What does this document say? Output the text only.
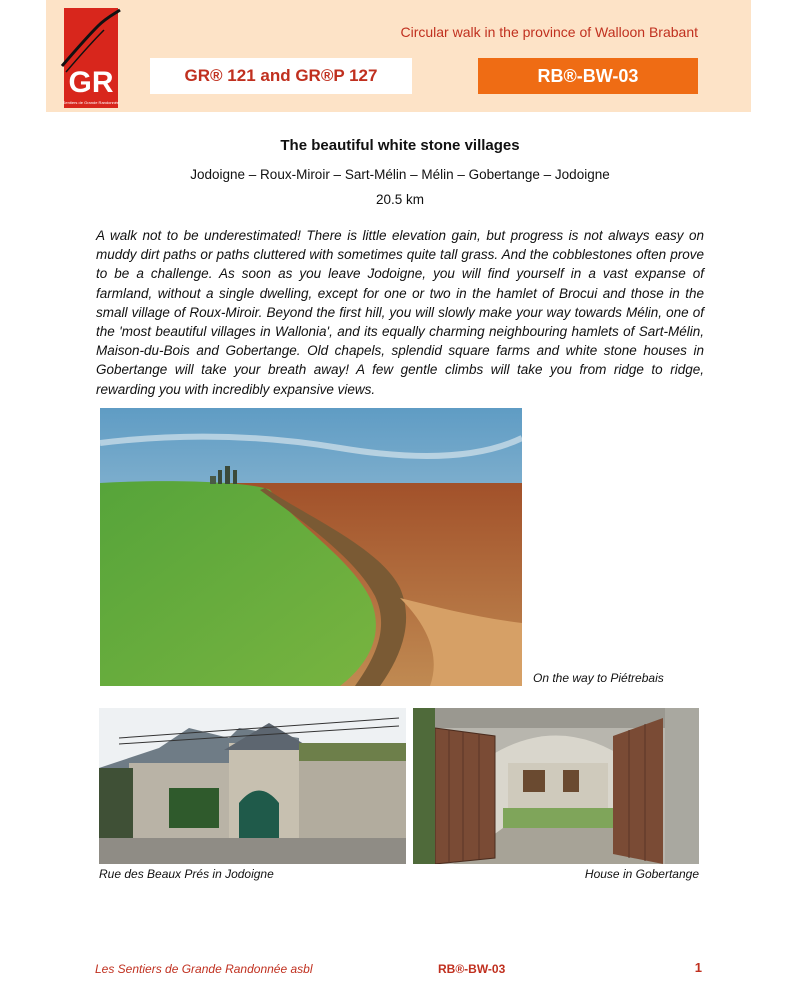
GR
Sentiers de Grande Randonnée
Circular walk in the province of Walloon Brabant
GR® 121 and GR®P 127	RB®-BW-03
The beautiful white stone villages
Jodoigne – Roux-Miroir – Sart-Mélin – Mélin – Gobertange – Jodoigne
20.5 km

A walk not to be underestimated! There is little elevation gain, but progress is not always easy on muddy dirt paths or paths cluttered with sometimes quite tall grass. And the cobblestones often prove to be a challenge. As soon as you leave Jodoigne, you will find yourself in a vast expanse of farmland, without a single dwelling, except for one or two in the hamlet of Brocui and those in the small village of Roux-Miroir. Beyond the first hill, you will slowly make your way towards Mélin, one of the 'most beautiful villages in Wallonia', and its equally charming neighbouring hamlets of Sart-Mélin, Maison-du-Bois and Gobertange. Old chapels, splendid square farms and white stone houses in Gobertange will take your breath away! A few gentle climbs will take you from ridge to ridge, rewarding you with incredibly expansive views.

On the way to Piétrebais
Rue des Beaux Prés in Jodoigne	House in Gobertange
Les Sentiers de Grande Randonnée asbl	RB®-BW-03	1
